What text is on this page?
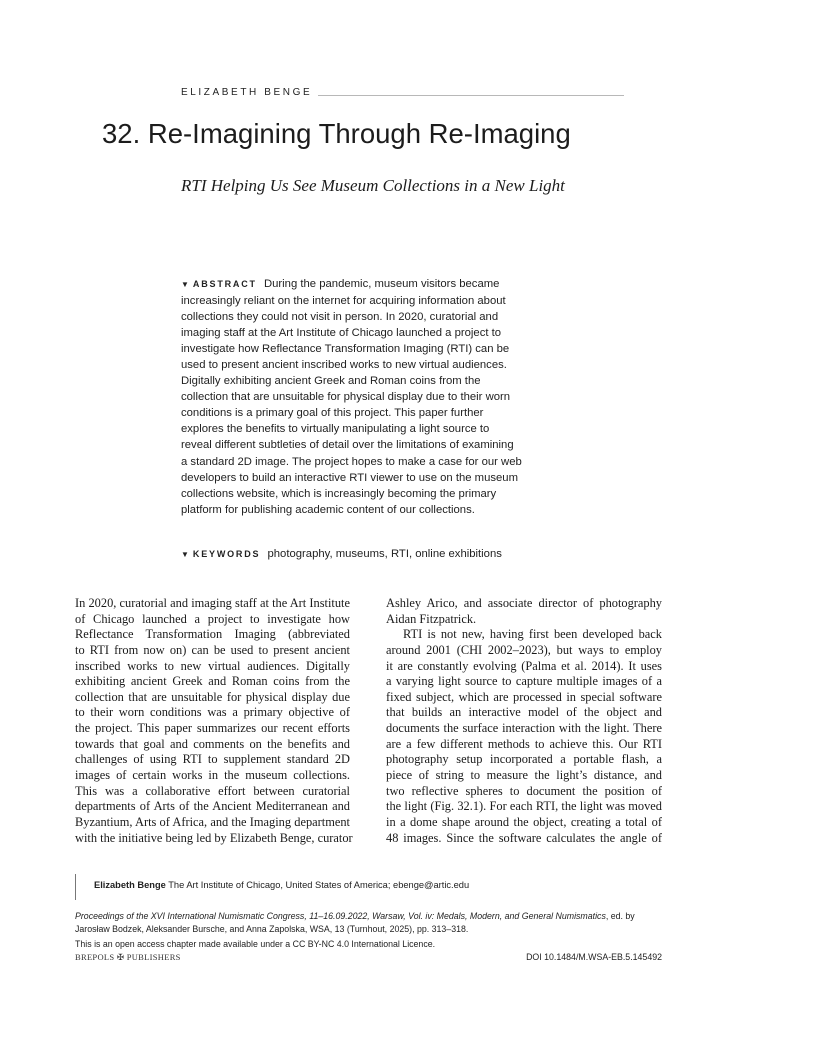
ELIZABETH BENGE
32. Re-Imagining Through Re-Imaging
RTI Helping Us See Museum Collections in a New Light
▼ ABSTRACT During the pandemic, museum visitors became
increasingly reliant on the internet for acquiring information about
collections they could not visit in person. In 2020, curatorial and
imaging staff at the Art Institute of Chicago launched a project to
investigate how Reflectance Transformation Imaging (RTI) can be
used to present ancient inscribed works to new virtual audiences.
Digitally exhibiting ancient Greek and Roman coins from the
collection that are unsuitable for physical display due to their worn
conditions is a primary goal of this project. This paper further
explores the benefits to virtually manipulating a light source to
reveal different subtleties of detail over the limitations of examining
a standard 2D image. The project hopes to make a case for our web
developers to build an interactive RTI viewer to use on the museum
collections website, which is increasingly becoming the primary
platform for publishing academic content of our collections.
▼ KEYWORDS photography, museums, RTI, online exhibitions
In 2020, curatorial and imaging staff at the Art Institute
of Chicago launched a project to investigate how
Reflectance Transformation Imaging (abbreviated
to RTI from now on) can be used to present ancient
inscribed works to new virtual audiences. Digitally
exhibiting ancient Greek and Roman coins from the
collection that are unsuitable for physical display due
to their worn conditions was a primary objective of
the project. This paper summarizes our recent efforts
towards that goal and comments on the benefits and
challenges of using RTI to supplement standard 2D
images of certain works in the museum collections.
This was a collaborative effort between curatorial
departments of Arts of the Ancient Mediterranean and
Byzantium, Arts of Africa, and the Imaging department
with the initiative being led by Elizabeth Benge, curator
Ashley Arico, and associate director of photography
Aidan Fitzpatrick.
RTI is not new, having first been developed back
around 2001 (CHI 2002–2023), but ways to employ
it are constantly evolving (Palma et al. 2014). It uses
a varying light source to capture multiple images of a
fixed subject, which are processed in special software
that builds an interactive model of the object and
documents the surface interaction with the light. There
are a few different methods to achieve this. Our RTI
photography setup incorporated a portable flash, a
piece of string to measure the light’s distance, and
two reflective spheres to document the position of
the light (Fig. 32.1). For each RTI, the light was moved
in a dome shape around the object, creating a total of
48 images. Since the software calculates the angle of
Elizabeth Benge The Art Institute of Chicago, United States of America; ebenge@artic.edu
Proceedings of the XVI International Numismatic Congress, 11–16.09.2022, Warsaw, Vol. iv: Medals, Modern, and General Numismatics, ed. by
Jarosław Bodzek, Aleksander Bursche, and Anna Zapolska, WSA, 13 (Turnhout, 2025), pp. 313–318.
This is an open access chapter made available under a CC BY-NC 4.0 International Licence.
BREPOLS ✠ PUBLISHERS	DOI 10.1484/M.WSA-EB.5.145492
